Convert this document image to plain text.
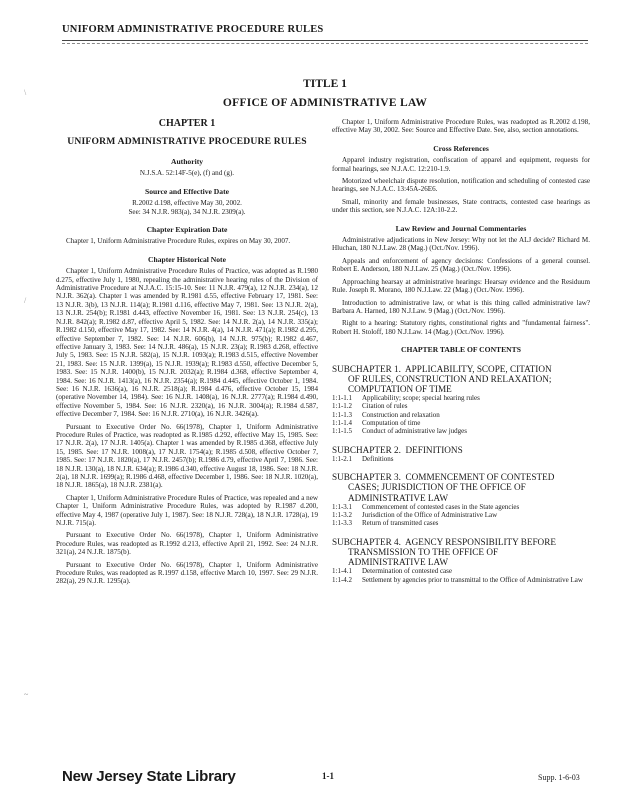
UNIFORM ADMINISTRATIVE PROCEDURE RULES
TITLE 1
OFFICE OF ADMINISTRATIVE LAW
CHAPTER 1
UNIFORM ADMINISTRATIVE PROCEDURE RULES
Authority
N.J.S.A. 52:14F-5(e), (f) and (g).
Source and Effective Date
R.2002 d.198, effective May 30, 2002.
See: 34 N.J.R. 983(a), 34 N.J.R. 2309(a).
Chapter Expiration Date

Chapter 1, Uniform Administrative Procedure Rules, expires on May 30, 2007.

Chapter Historical Note

Chapter 1, Uniform Administrative Procedure Rules of Practice, was adopted as R.1980 d.275, effective July 1, 1980, repealing the administrative hearing rules of the Division of Administrative Procedure at N.J.A.C. 15:15-10. See: 11 N.J.R. 479(a), 12 N.J.R. 234(a), 12 N.J.R. 362(a). Chapter 1 was amended by R.1981 d.55, effective February 17, 1981. See: 13 N.J.R. 3(b), 13 N.J.R. 114(a); R.1981 d.116, effective May 7, 1981. See: 13 N.J.R. 2(a), 13 N.J.R. 254(b); R.1981 d.443, effective November 16, 1981. See: 13 N.J.R. 254(c), 13 N.J.R. 842(a); R.1982 d.87, effective April 5, 1982. See: 14 N.J.R. 2(a), 14 N.J.R. 335(a); R.1982 d.150, effective May 17, 1982. See: 14 N.J.R. 4(a), 14 N.J.R. 471(a); R.1982 d.295, effective September 7, 1982. See: 14 N.J.R. 606(b), 14 N.J.R. 975(b); R.1982 d.467, effective January 3, 1983. See: 14 N.J.R. 486(a), 15 N.J.R. 23(a); R.1983 d.268, effective July 5, 1983. See: 15 N.J.R. 582(a), 15 N.J.R. 1093(a); R.1983 d.515, effective November 21, 1983. See: 15 N.J.R. 1399(a), 15 N.J.R. 1939(a); R.1983 d.550, effective December 5, 1983. See: 15 N.J.R. 1400(b), 15 N.J.R. 2032(a); R.1984 d.368, effective September 4, 1984. See: 16 N.J.R. 1413(a), 16 N.J.R. 2354(a); R.1984 d.445, effective October 1, 1984. See: 16 N.J.R. 1636(a), 16 N.J.R. 2518(a); R.1984 d.476, effective October 15, 1984 (operative November 14, 1984). See: 16 N.J.R. 1408(a), 16 N.J.R. 2777(a); R.1984 d.490, effective November 5, 1984. See: 16 N.J.R. 2320(a), 16 N.J.R. 3004(a); R.1984 d.587, effective December 7, 1984. See: 16 N.J.R. 2710(a), 16 N.J.R. 3426(a).

Pursuant to Executive Order No. 66(1978), Chapter 1, Uniform Administrative Procedure Rules of Practice, was readopted as R.1985 d.292, effective May 15, 1985. See: 17 N.J.R. 2(a), 17 N.J.R. 1405(a). Chapter 1 was amended by R.1985 d.368, effective July 15, 1985. See: 17 N.J.R. 1008(a), 17 N.J.R. 1754(a); R.1985 d.508, effective October 7, 1985. See: 17 N.J.R. 1820(a), 17 N.J.R. 2457(b); R.1986 d.79, effective April 7, 1986. See: 18 N.J.R. 130(a), 18 N.J.R. 634(a); R.1986 d.340, effective August 18, 1986. See: 18 N.J.R. 2(a), 18 N.J.R. 1699(a); R.1986 d.468, effective December 1, 1986. See: 18 N.J.R. 1020(a), 18 N.J.R. 1865(a), 18 N.J.R. 2381(a).

Chapter 1, Uniform Administrative Procedure Rules of Practice, was repealed and a new Chapter 1, Uniform Administrative Procedure Rules, was adopted by R.1987 d.200, effective May 4, 1987 (operative July 1, 1987). See: 18 N.J.R. 728(a), 18 N.J.R. 1728(a), 19 N.J.R. 715(a).

Pursuant to Executive Order No. 66(1978), Chapter 1, Uniform Administrative Procedure Rules, was readopted as R.1992 d.213, effective April 21, 1992. See: 24 N.J.R. 321(a), 24 N.J.R. 1875(b).

Pursuant to Executive Order No. 66(1978), Chapter 1, Uniform Administrative Procedure Rules, was readopted as R.1997 d.158, effective March 10, 1997. See: 29 N.J.R. 282(a), 29 N.J.R. 1295(a).

Chapter 1, Uniform Administrative Procedure Rules, was readopted as R.2002 d.198, effective May 30, 2002. See: Source and Effective Date. See, also, section annotations.

Cross References

Apparel industry registration, confiscation of apparel and equipment, requests for formal hearings, see N.J.A.C. 12:210-1.9.

Motorized wheelchair dispute resolution, notification and scheduling of contested case hearings, see N.J.A.C. 13:45A-26E6.

Small, minority and female businesses, State contracts, contested case hearings as under this section, see N.J.A.C. 12A:10-2.2.

Law Review and Journal Commentaries

Administrative adjudications in New Jersey: Why not let the ALJ decide? Richard M. Hluchan, 180 N.J.Law. 28 (Mag.) (Oct./Nov. 1996).

Appeals and enforcement of agency decisions: Confessions of a general counsel. Robert E. Anderson, 180 N.J.Law. 25 (Mag.) (Oct./Nov. 1996).

Approaching hearsay at administrative hearings: Hearsay evidence and the Residuum Rule. Joseph R. Morano, 180 N.J.Law. 22 (Mag.) (Oct./Nov. 1996).

Introduction to administrative law, or what is this thing called administrative law? Barbara A. Harned, 180 N.J.Law. 9 (Mag.) (Oct./Nov. 1996).

Right to a hearing: Statutory rights, constitutional rights and "fundamental fairness". Robert H. Stoloff, 180 N.J.Law. 14 (Mag.) (Oct./Nov. 1996).

CHAPTER TABLE OF CONTENTS
SUBCHAPTER 1. APPLICABILITY, SCOPE, CITATION
OF RULES, CONSTRUCTION AND RELAXATION;
COMPUTATION OF TIME
1:1-1.1	Applicability; scope; special hearing rules
1:1-1.2	Citation of rules
1:1-1.3	Construction and relaxation
1:1-1.4	Computation of time
1:1-1.5	Conduct of administrative law judges
SUBCHAPTER 2. DEFINITIONS
1:1-2.1	Definitions
SUBCHAPTER 3. COMMENCEMENT OF CONTESTED
CASES; JURISDICTION OF THE OFFICE OF
ADMINISTRATIVE LAW
1:1-3.1	Commencement of contested cases in the State agencies
1:1-3.2	Jurisdiction of the Office of Administrative Law
1:1-3.3	Return of transmitted cases
SUBCHAPTER 4. AGENCY RESPONSIBILITY BEFORE
TRANSMISSION TO THE OFFICE OF
ADMINISTRATIVE LAW
1:1-4.1	Determination of contested case
1:1-4.2	Settlement by agencies prior to transmittal to the Office of Administrative Law
\
/
~
New Jersey State Library	1-1	Supp. 1-6-03
